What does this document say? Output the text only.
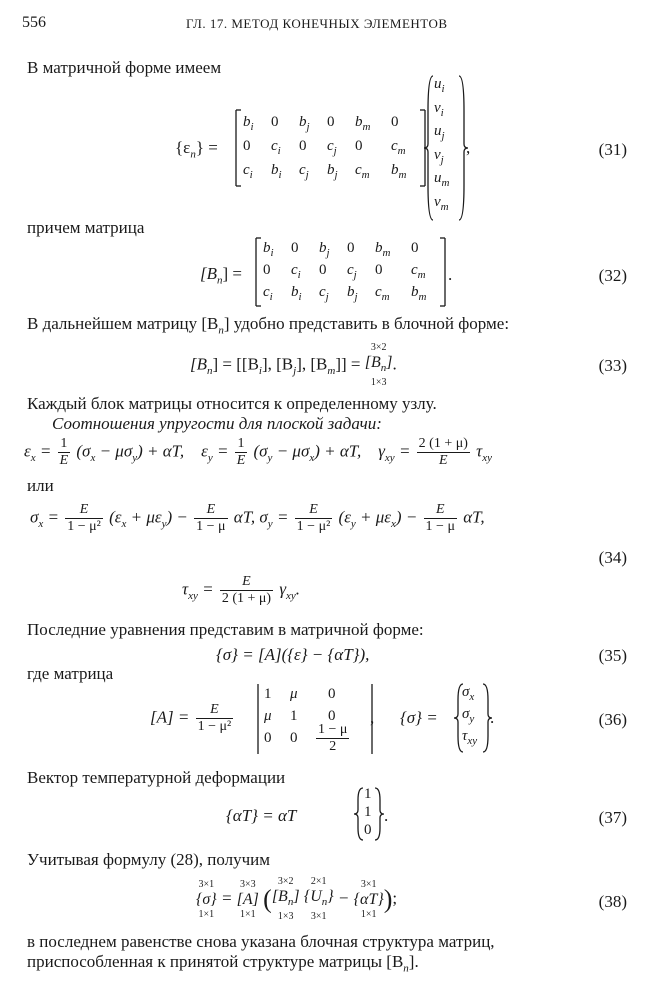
556	ГЛ. 17. МЕТОД КОНЕЧНЫХ ЭЛЕМЕНТОВ
В матричной форме имеем
$\{\varepsilon_n\}$ =
$b_i$ 0 $b_j$ 0 $b_m$ 0
0 $c_i$ 0 $c_j$ 0 $c_m$
$c_i$ $b_i$ $c_j$ $b_j$ $c_m$ $b_m$
$u_i$
$v_i$
$u_j$
$v_j$
$u_m$
$v_m$
,	(31)
причем матрица
$[B_n]$ =
$b_i$ 0 $b_j$ 0 $b_m$ 0
0 $c_i$ 0 $c_j$ 0 $c_m$
$c_i$ $b_i$ $c_j$ $b_j$ $c_m$ $b_m$
.	(32)
В дальнейшем матрицу $[B_n]$ удобно представить в блочной форме:
$[B_n] = [[B_i]$, $[B_j]$, $[B_m]$] =
3×2
$[B_n]$
1×3
.	(33)
Каждый блок матрицы относится к определенному узлу.
Соотношения упругости для плоской задачи:
$\varepsilon_x = \frac{1}{E} (\sigma_x - \mu\sigma_y) + \alpha T$,    $\varepsilon_y = \frac{1}{E} (\sigma_y - \mu\sigma_x) + \alpha T$,    $\gamma_{xy} = \frac{2 (1 + \mu)}{E} \tau_{xy}$
или
$\sigma_x = \frac{E}{\text{1 − μ²}} (\varepsilon_x + \mu\varepsilon_y) - \frac{E}{1 - \mu} \alpha T$, $\sigma_y = \frac{E}{\text{1 − μ²}} (\varepsilon_y + \mu\varepsilon_x) - \frac{E}{1 - \mu} \alpha T$,
(34)
$\tau_{xy} = \frac{E}{2 (1 + \mu)} \gamma_{xy}$.
Последние уравнения представим в матричной форме:
{σ} = [A]({ε} − {αT}),	(35)
где матрица
$[A] = \frac{E}{\text{1 − μ²}}$
1 μ 0
μ 1 0
0 $0 \frac{1 - \mu}{2}$
, {σ} =
$\sigma_x$
$\sigma_y$
$\tau_{xy}$
.	(36)
Вектор температурной деформации
{αT} = αT
1
1
0
.	(37)
Учитывая формулу (28), получим
3×1
{σ}
1×1
=
3×3
[A]
1×1
(
3×2
$[B_n]$
1×3

2×1
$\{U_n\}$
3×1
−
3×1
{αT}
1×1
);	(38)
в последнем равенстве снова указана блочная структура матриц,
приспособленная к принятой структуре матрицы $[B_n]$.
